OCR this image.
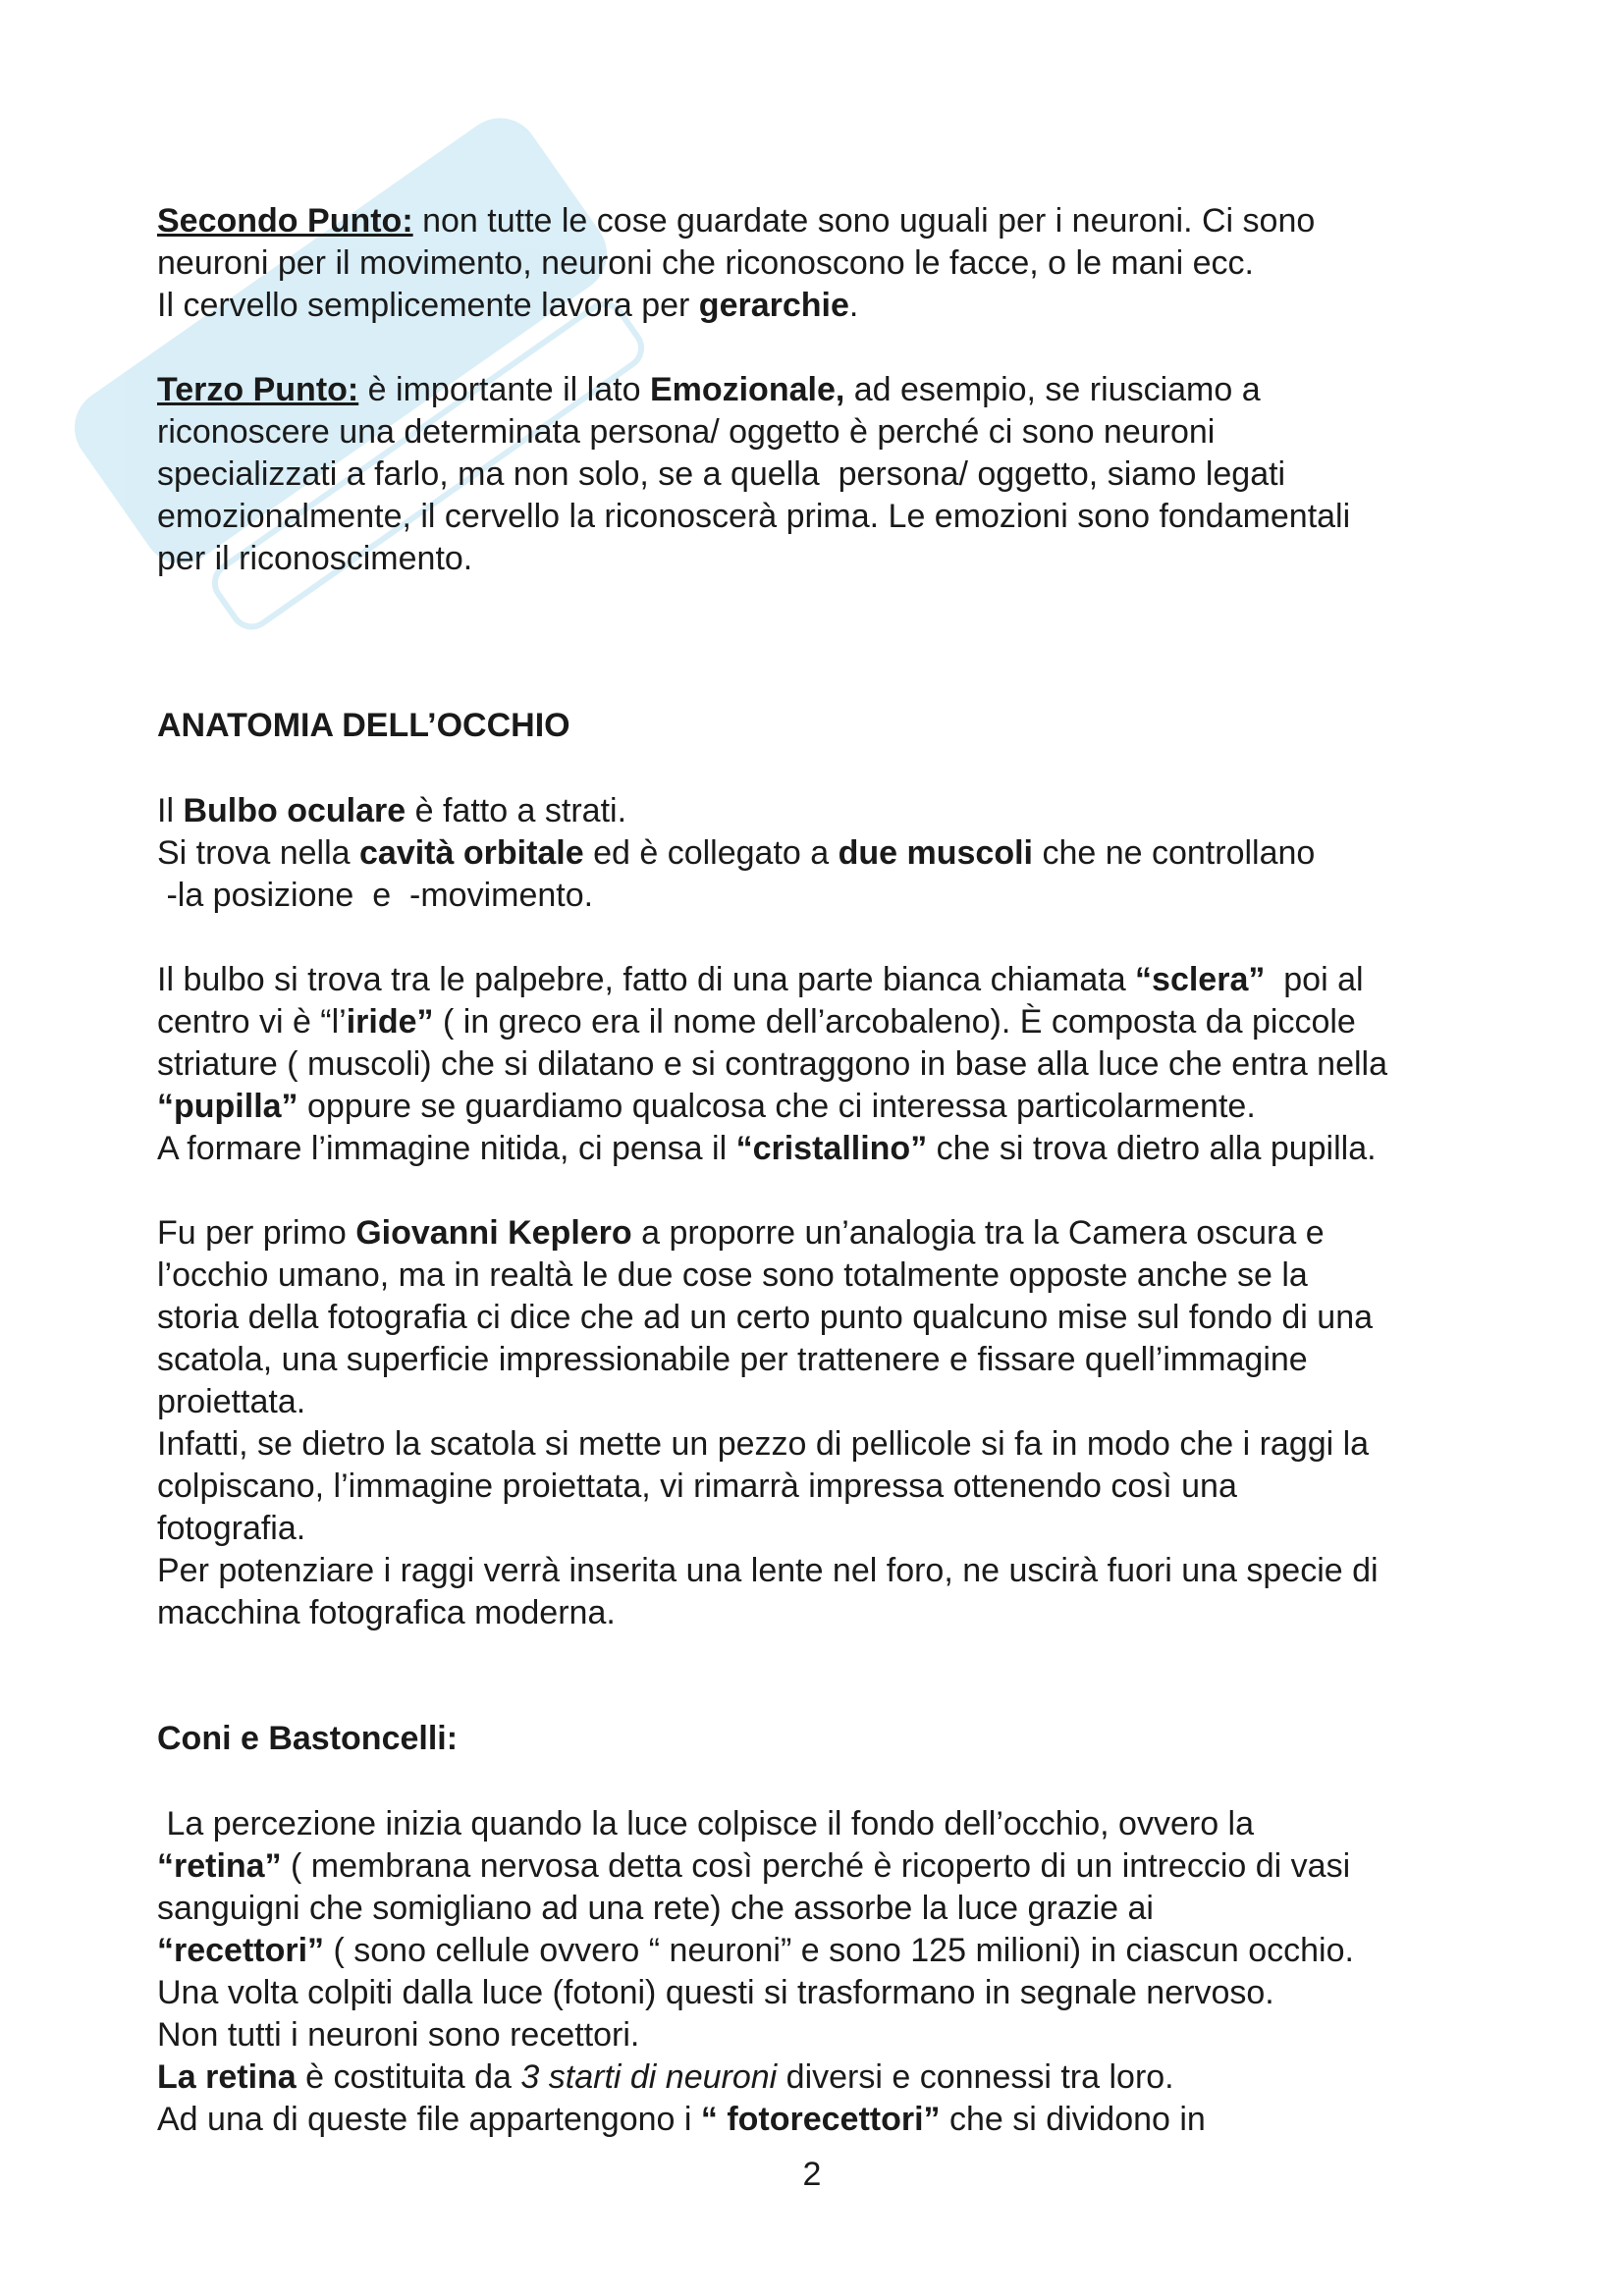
Secondo Punto: non tutte le cose guardate sono uguali per i neuroni. Ci sono
neuroni per il movimento, neuroni che riconoscono le facce, o le mani ecc.
Il cervello semplicemente lavora per gerarchie.
Terzo Punto: è importante il lato Emozionale, ad esempio, se riusciamo a
riconoscere una determinata persona/ oggetto è perché ci sono neuroni
specializzati a farlo, ma non solo, se a quella  persona/ oggetto, siamo legati
emozionalmente, il cervello la riconoscerà prima. Le emozioni sono fondamentali
per il riconoscimento.
ANATOMIA DELL’OCCHIO
Il Bulbo oculare è fatto a strati.
Si trova nella cavità orbitale ed è collegato a due muscoli che ne controllano
-la posizione  e  -movimento.
Il bulbo si trova tra le palpebre, fatto di una parte bianca chiamata “sclera”  poi al
centro vi è “l’iride” ( in greco era il nome dell’arcobaleno). È composta da piccole
striature ( muscoli) che si dilatano e si contraggono in base alla luce che entra nella
“pupilla” oppure se guardiamo qualcosa che ci interessa particolarmente.
A formare l’immagine nitida, ci pensa il “cristallino” che si trova dietro alla pupilla.
Fu per primo Giovanni Keplero a proporre un’analogia tra la Camera oscura e
l’occhio umano, ma in realtà le due cose sono totalmente opposte anche se la
storia della fotografia ci dice che ad un certo punto qualcuno mise sul fondo di una
scatola, una superficie impressionabile per trattenere e fissare quell’immagine
proiettata.
Infatti, se dietro la scatola si mette un pezzo di pellicole si fa in modo che i raggi la
colpiscano, l’immagine proiettata, vi rimarrà impressa ottenendo così una
fotografia.
Per potenziare i raggi verrà inserita una lente nel foro, ne uscirà fuori una specie di
macchina fotografica moderna.
Coni e Bastoncelli:
La percezione inizia quando la luce colpisce il fondo dell’occhio, ovvero la
“retina” ( membrana nervosa detta così perché è ricoperto di un intreccio di vasi
sanguigni che somigliano ad una rete) che assorbe la luce grazie ai
“recettori” ( sono cellule ovvero “ neuroni” e sono 125 milioni) in ciascun occhio.
Una volta colpiti dalla luce (fotoni) questi si trasformano in segnale nervoso.
Non tutti i neuroni sono recettori.
La retina è costituita da 3 starti di neuroni diversi e connessi tra loro.
Ad una di queste file appartengono i “ fotorecettori” che si dividono in
2
